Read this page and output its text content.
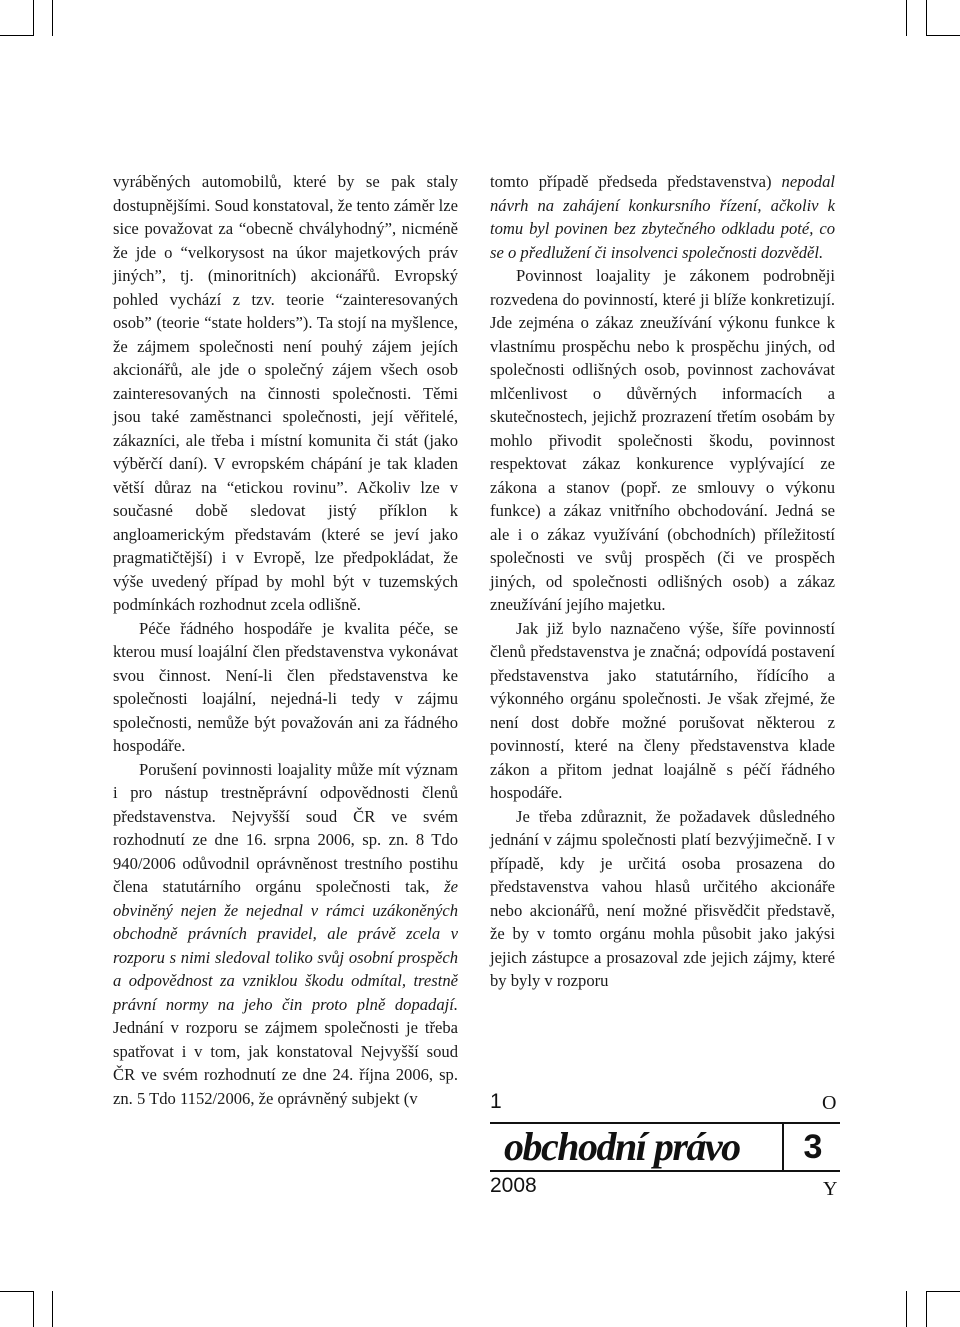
vyráběných automobilů, které by se pak staly dostupnějšími. Soud konstatoval, že tento záměr lze sice považovat za “obecně chvályhodný”, nicméně že jde o “velkorysost na úkor majetkových práv jiných”, tj. (minoritních) akcionářů. Evropský pohled vychází z tzv. teorie “zainteresovaných osob” (teorie “state holders”). Ta stojí na myšlence, že zájmem společnosti není pouhý zájem jejích akcionářů, ale jde o společný zájem všech osob zainteresovaných na činnosti společnosti. Těmi jsou také zaměstnanci společnosti, její věřitelé, zákazníci, ale třeba i místní komunita či stát (jako výběrčí daní). V evropském chápání je tak kladen větší důraz na “etickou rovinu”. Ačkoliv lze v současné době sledovat jistý příklon k angloamerickým představám (které se jeví jako pragmatičtější) i v Evropě, lze předpokládat, že výše uvedený případ by mohl být v tuzemských podmínkách rozhodnut zcela odlišně.

Péče řádného hospodáře je kvalita péče, se kterou musí loajální člen představenstva vykonávat svou činnost. Není-li člen představenstva ke společnosti loajální, nejedná-li tedy v zájmu společnosti, nemůže být považován ani za řádného hospodáře.

Porušení povinnosti loajality může mít význam i pro nástup trestněprávní odpovědnosti členů představenstva. Nejvyšší soud ČR ve svém rozhodnutí ze dne 16. srpna 2006, sp. zn. 8 Tdo 940/2006 odůvodnil oprávněnost trestního postihu člena statutárního orgánu společnosti tak, že obviněný nejen že nejednal v rámci uzákoněných obchodně právních pravidel, ale právě zcela v rozporu s nimi sledoval toliko svůj osobní prospěch a odpovědnost za vzniklou škodu odmítal, trestně právní normy na jeho čin proto plně dopadají. Jednání v rozporu se zájmem společnosti je třeba spatřovat i v tom, jak konstatoval Nejvyšší soud ČR ve svém rozhodnutí ze dne 24. října 2006, sp. zn. 5 Tdo 1152/2006, že oprávněný subjekt (v

tomto případě předseda představenstva) nepodal návrh na zahájení konkursního řízení, ačkoliv k tomu byl povinen bez zbytečného odkladu poté, co se o předlužení či insolvenci společnosti dozvěděl.

Povinnost loajality je zákonem podrobněji rozvedena do povinností, které ji blíže konkretizují. Jde zejména o zákaz zneužívání výkonu funkce k vlastnímu prospěchu nebo k prospěchu jiných, od společnosti odlišných osob, povinnost zachovávat mlčenlivost o důvěrných informacích a skutečnostech, jejichž prozrazení třetím osobám by mohlo přivodit společnosti škodu, povinnost respektovat zákaz konkurence vyplývající ze zákona a stanov (popř. ze smlouvy o výkonu funkce) a zákaz vnitřního obchodování. Jedná se ale i o zákaz využívání (obchodních) příležitostí společnosti ve svůj prospěch (či ve prospěch jiných, od společnosti odlišných osob) a zákaz zneužívání jejího majetku.

Jak již bylo naznačeno výše, šíře povinností členů představenstva je značná; odpovídá postavení představenstva jako statutárního, řídícího a výkonného orgánu společnosti. Je však zřejmé, že není dost dobře možné porušovat některou z povinností, které na členy představenstva klade zákon a přitom jednat loajálně s péčí řádného hospodáře.

Je třeba zdůraznit, že požadavek důsledného jednání v zájmu společnosti platí bezvýjimečně. I v případě, kdy je určitá osoba prosazena do představenstva vahou hlasů určitého akcionáře nebo akcionářů, není možné přisvědčit představě, že by v tomto orgánu mohla působit jako jakýsi jejich zástupce a prosazoval zde jejich zájmy, které by byly v rozporu

1	O
obchodní právo 3
2008	Y
